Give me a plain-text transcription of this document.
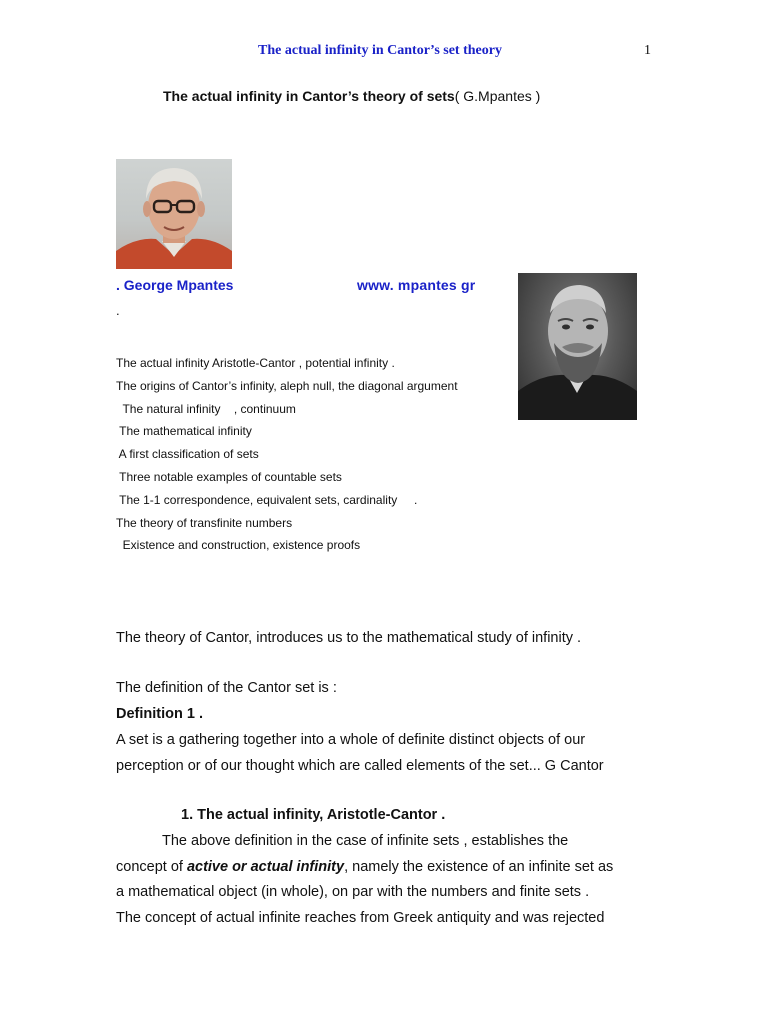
The actual infinity in Cantor’s set theory	1
The actual infinity in Cantor’s theory of sets( G.Mpantes )
. George Mpantes	www. mpantes gr
.
The actual infinity Aristotle-Cantor , potential infinity .
The origins of Cantor’s infinity, aleph null, the diagonal argument
The natural infinity    , continuum
The mathematical infinity
A first classification of sets
Three notable examples of countable sets
The 1-1 correspondence, equivalent sets, cardinality     .
The theory of transfinite numbers
Existence and construction, existence proofs
The theory of Cantor, introduces us to the mathematical study of infinity .
The definition of the Cantor set is :
Definition 1 .
A set is a gathering together into a whole of definite distinct objects of our
perception or of our thought which are called elements of the set... G Cantor
1. The actual infinity, Aristotle-Cantor .
The above definition in the case of infinite sets , establishes the
concept of active or actual infinity, namely the existence of an infinite set as
a mathematical object (in whole), on par with the numbers and finite sets .
The concept of actual infinite reaches from Greek antiquity and was rejected
